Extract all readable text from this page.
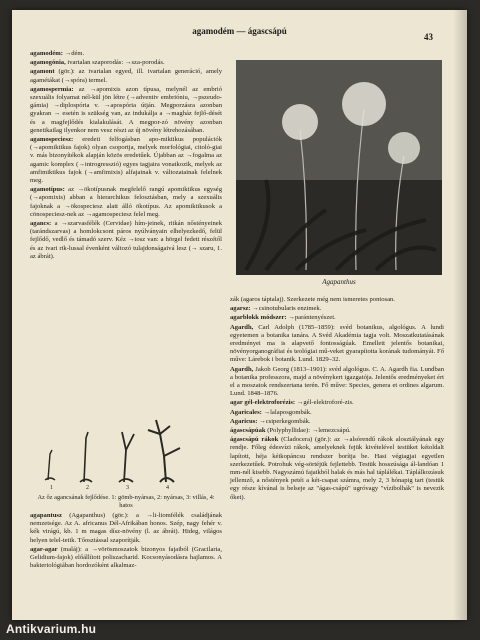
agamodém — ágascsápú
43

agamodém: →dém.

agamogónia, ivartalan szaporodás: →sza-porodás.

agamont (gör.): az ivartalan egyed, ill. ivartalan generáció, amely agamétákat (→spóra) termel.

agamospermia: az →apomixis azon típusa, melynél az embrió szexuális folyamat nél-kül jön létre (→adventiv embrióniu, →pszeudo-gámia) →diplospória v. →apospória útján. Megporzásra azonban gyakran → esetén is szükség van, az indukálja a →magház fejlő-dését és a magfejlődés kialakulását. A megpor-zó növény azonban genetikailag ilyenkor nem vesz részt az új növény létrehozásában.

agamospeciesz: eredeti felfogásban apo-miktikus populációk (→apomiktikus fajok) olyan csoportja, melyek morfológiai, citoló-giai v. más bizonyítékok alapján közös eredetűek. Újabban az →fogalma az agamic komplex (→introgresszió) egyes tagjaira vonatkozik, melyek az amfimiktikus fajok (→amfimixis) alfajainak v. változatainak felelnek meg.

agamotípus: az →ökotípusnak megfelelő rangú apomiktikus egység (→apomixis) abban a hierarchikus felosztásban, mely a szexuális fajoknak a →ökospeciesz alatt álló ökotípus. Az apomiktikusok a cönospeciesz-nek az →agamospeciesz felel meg.

agancs: a →szarvasfélék (Cervidae) hím-jeinek, ritkán nőstényeinek (tarándszarvas) a homlokcsont páros nyúlványain elhelyezkedő, felül fejlődő, vedlő és támadó szerv. Kéz →tosz van: a hörgel fedett részétől és az ivari rik-lussal évenként változó tulajdonságaivá lesz (→ szaru, 1. az ábrát).

1	2	3	4
Az őz agancsának fejlődése. 1: gömb-nyársas, 2: nyársas, 3: villás, 4: hatos

agapantusz (Agapanthus) (gör.): a →li-liomfélék családjának nemzetsége. Az A. africanus Dél-Afrikában honos. Szép, nagy fehér v. kék virágú, kb. 1 m magas dísz-növény (l. az ábrát). Hideg, világos helyen telel-tetik. Tőosztással szaporítják.

agar-agar (maláj): a →vörösmoszatok bizonyos fajaiból (Gracilaria, Gelidium-fajok) előállított poliszacharid. Kocsonyásodásra hajlamos. A bakteriológiában hordozóként alkalmaz-

Agapanthus

zák (agaros táptalaj). Szerkezete még nem ismeretes pontosan.

agarsz: →csinotubularis enzimek.

agarblokk módszer: →parántenyészet.

Agardh, Carl Adolph (1785–1859): svéd botanikus, algológus. A lundi egyetemen a botanika tanára. A Svéd Akadémia tagja volt. Moszatkutatásának eredményei ma is alapvető fontosságúak. Emellett jelentős botanikai, növényorganográfiai és teológiai mű-veket gyarapította korának tudományát. Fő műve: Lárebok i botanik. Lund. 1829–32.

Agardh, Jakob Georg (1813–1901): svéd algológus. C. A. Agardh fia. Lundban a botanika professzora, majd a növénykert igazgatója. Jelentős eredményeket ért el a moszatok rendszertana terén. Fő műve: Species, genera et ordines algarum. Lund. 1848–1876.

agar gél-elektroforézis: →gél-elektroforé-zis.

Agaricales: →lalaposgombák.

Agaricus: →csiperkegombák.

ágascsápúak (Polyphyllidae): →lemezcsápú.

ágascsápú rákok (Cladocera) (gör.): az →alsórendű rákok alosztályának egy rendje. Főleg édesvízi rákok, amelyeknek fejük kivételével testüket kétoldalt lapított, héja kétkopáncsu rendszer borítja be. Hasi végtagjai egyetlen szerkezetűek. Potrohuk vég-sörtéjük fejlettebb. Testük hosszúsága ál-landóan 1 mm-nél kisebb. Nagyszámú fajaikból halak és más hal táplálékai. Táplálkozásuk jellemző, a nőstények petéi a két-csapat számra, mely 2, 3 hónapig tart (testük egy része kívánal is belseje az "ágas-csápú" ugróvagy "vízibolhák" is nevezik őket).

Antikvarium.hu
